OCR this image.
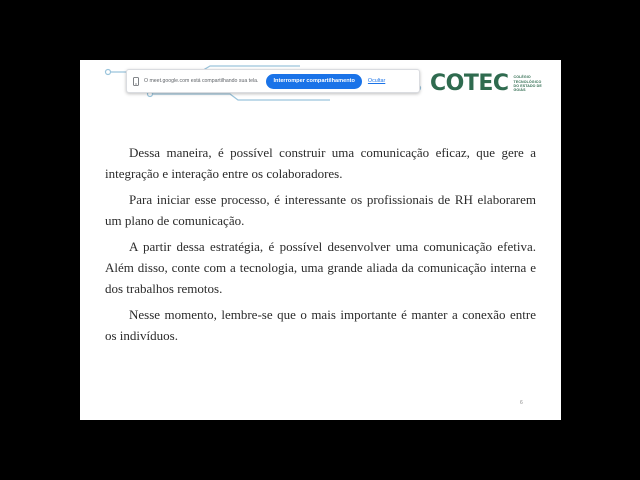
O meet.google.com está compartilhando sua tela.	Interromper compartilhamento	Ocultar COTEC COLÉGIO
TECNOLÓGICO
DO ESTADO DE
GOIÁS

Dessa maneira, é possível construir uma comunicação eficaz, que gere a integração e interação entre os colaboradores.

Para iniciar esse processo, é interessante os profissionais de RH elaborarem um plano de comunicação.

A partir dessa estratégia, é possível desenvolver uma comunicação efetiva. Além disso, conte com a tecnologia, uma grande aliada da comunicação interna e dos trabalhos remotos.

Nesse momento, lembre-se que o mais importante é manter a conexão entre os indivíduos.

6
